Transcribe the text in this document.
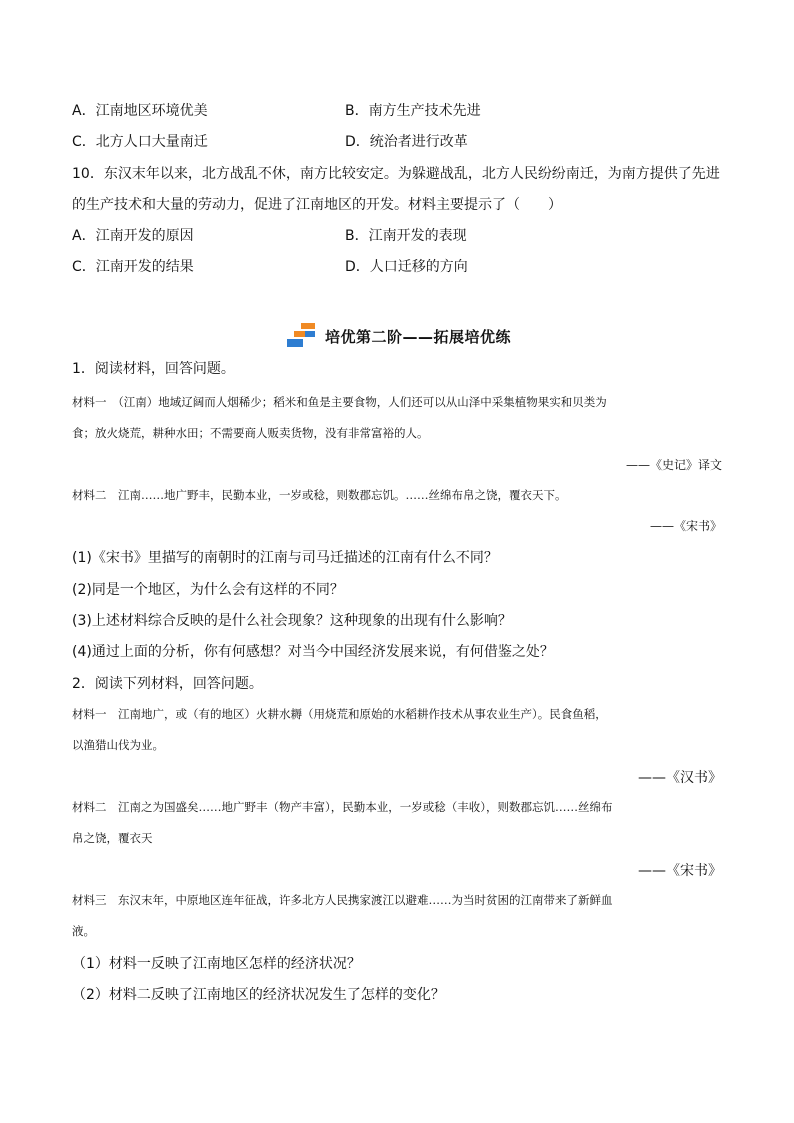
A．江南地区环境优美	B．南方生产技术先进
C．北方人口大量南迁	D．统治者进行改革
10．东汉末年以来，北方战乱不休，南方比较安定。为躲避战乱，北方人民纷纷南迁，为南方提供了先进
的生产技术和大量的劳动力，促进了江南地区的开发。材料主要提示了（　　）
A．江南开发的原因	B．江南开发的表现
C．江南开发的结果	D．人口迁移的方向
培优第二阶——拓展培优练
1．阅读材料，回答问题。
材料一　（江南）地域辽阔而人烟稀少；稻米和鱼是主要食物，人们还可以从山泽中采集植物果实和贝类为
食；放火烧荒，耕种水田；不需要商人贩卖货物，没有非常富裕的人。
——《史记》译文
材料二　江南……地广野丰，民勤本业，一岁或稔，则数郡忘饥。……丝绵布帛之饶，覆衣天下。
——《宋书》
(1)《宋书》里描写的南朝时的江南与司马迁描述的江南有什么不同？
(2)同是一个地区，为什么会有这样的不同？
(3)上述材料综合反映的是什么社会现象？这种现象的出现有什么影响？
(4)通过上面的分析，你有何感想？对当今中国经济发展来说，有何借鉴之处？
2．阅读下列材料，回答问题。
材料一　江南地广，或（有的地区）火耕水耨（用烧荒和原始的水稻耕作技术从事农业生产）。民食鱼稻，
以渔猎山伐为业。
——《汉书》
材料二　江南之为国盛矣……地广野丰（物产丰富），民勤本业，一岁或稔（丰收），则数郡忘饥……丝绵布
帛之饶，覆衣天
——《宋书》
材料三　东汉末年，中原地区连年征战，许多北方人民携家渡江以避难……为当时贫困的江南带来了新鲜血
液。
（1）材料一反映了江南地区怎样的经济状况？
（2）材料二反映了江南地区的经济状况发生了怎样的变化？
